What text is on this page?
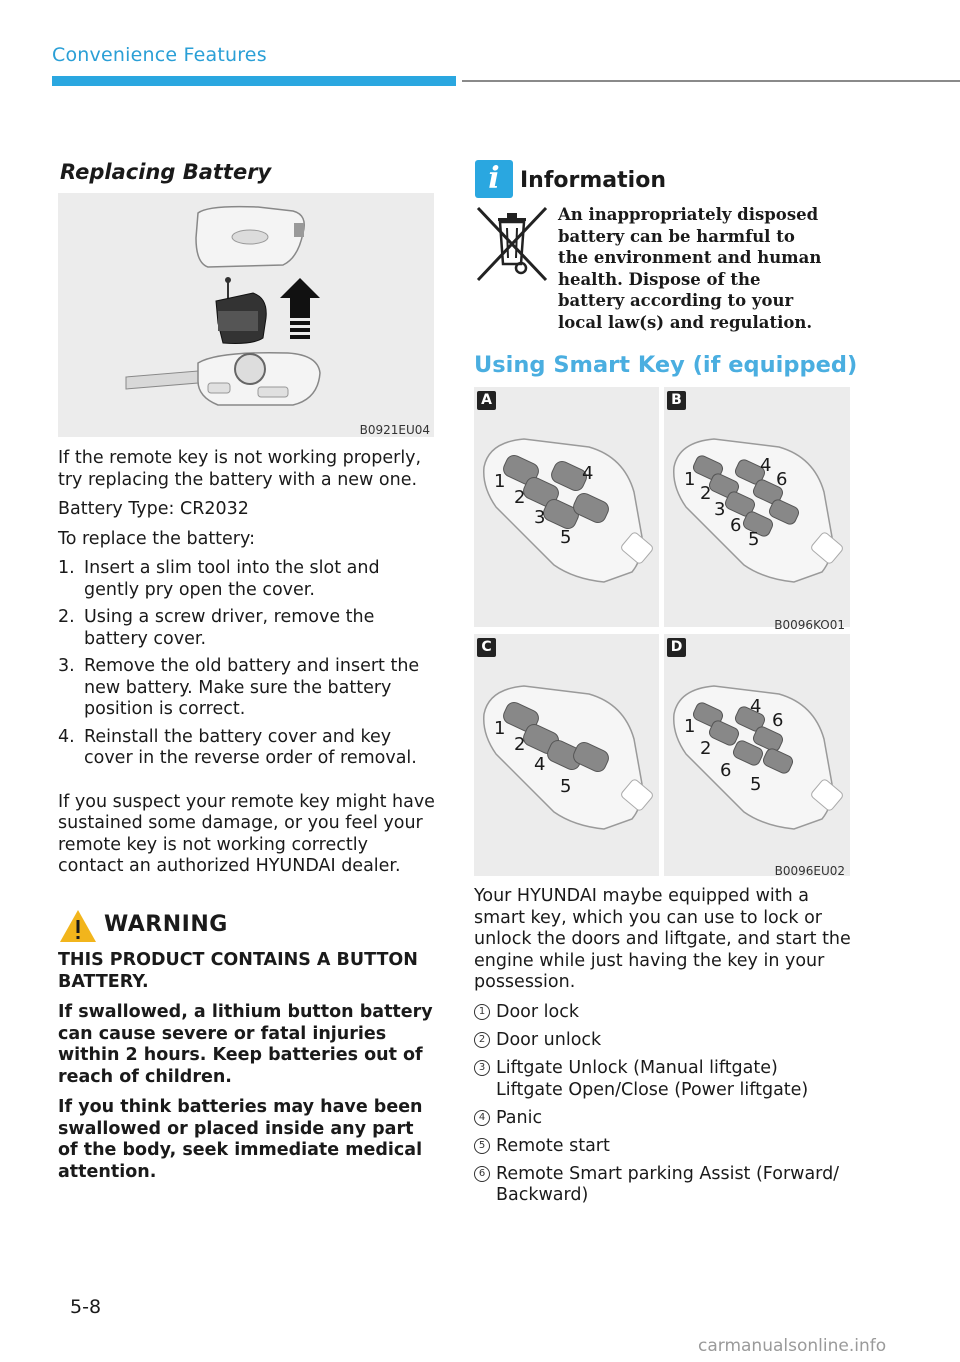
Convenience Features
Replacing Battery
B0921EU04

If the remote key is not working properly, try replacing the battery with a new one.

Battery Type: CR2032

To replace the battery:

1. Insert a slim tool into the slot and gently pry open the cover.
2. Using a screw driver, remove the battery cover.
3. Remove the old battery and insert the new battery. Make sure the battery position is correct.
4. Reinstall the battery cover and key cover in the reverse order of removal.

If you suspect your remote key might have sustained some damage, or you feel your remote key is not working correctly contact an authorized HYUNDAI dealer.

WARNING

THIS PRODUCT CONTAINS A BUTTON BATTERY.

If swallowed, a lithium button battery can cause severe or fatal injuries within 2 hours. Keep batteries out of reach of children.

If you think batteries may have been swallowed or placed inside any part of the body, seek immediate medical attention.

i Information
An inappropriately disposed battery can be harmful to the environment and human health. Dispose of the battery according to your local law(s) and regulation.
Using Smart Key (if equipped)
A
1
2
3
4
5
B
1
2
3
4
5
6
6
B0096KO01
C
1
2
4
5
D
1
2
4
5
6
6
B0096EU02
Your HYUNDAI maybe equipped with a smart key, which you can use to lock or unlock the doors and liftgate, and start the engine while just having the key in your possession.
1 Door lock
2 Door unlock
3 Liftgate Unlock (Manual liftgate)
Liftgate Open/Close (Power liftgate)
4 Panic
5 Remote start
6 Remote Smart parking Assist (Forward/ Backward)
5-8
carmanualsonline.info
